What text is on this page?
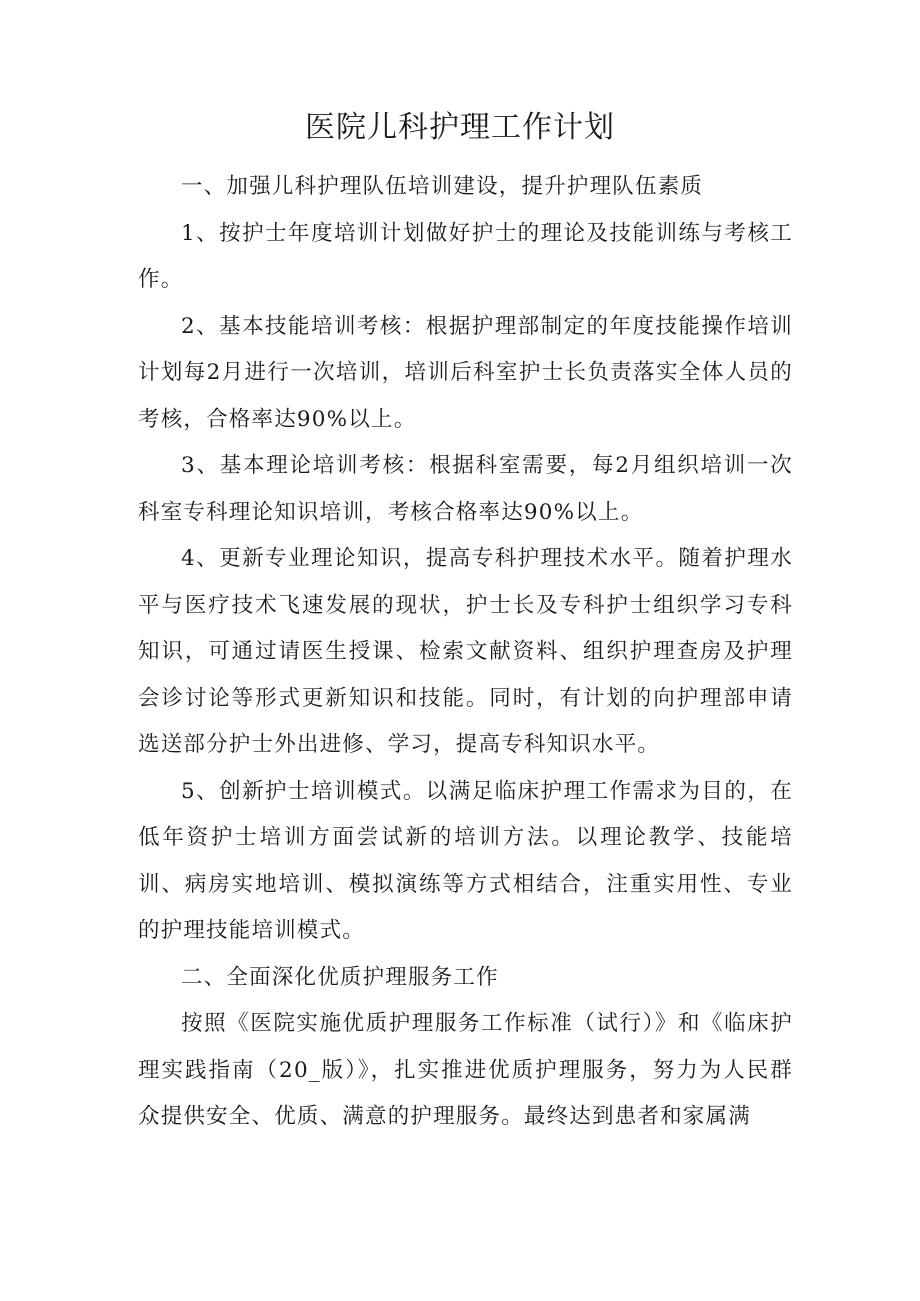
医院儿科护理工作计划

一、加强儿科护理队伍培训建设，提升护理队伍素质

1、按护士年度培训计划做好护士的理论及技能训练与考核工作。

2、基本技能培训考核：根据护理部制定的年度技能操作培训计划每2月进行一次培训，培训后科室护士长负责落实全体人员的考核，合格率达90%以上。

3、基本理论培训考核：根据科室需要，每2月组织培训一次科室专科理论知识培训，考核合格率达90%以上。

4、更新专业理论知识，提高专科护理技术水平。随着护理水平与医疗技术飞速发展的现状，护士长及专科护士组织学习专科知识，可通过请医生授课、检索文献资料、组织护理查房及护理会诊讨论等形式更新知识和技能。同时，有计划的向护理部申请选送部分护士外出进修、学习，提高专科知识水平。

5、创新护士培训模式。以满足临床护理工作需求为目的，在低年资护士培训方面尝试新的培训方法。以理论教学、技能培训、病房实地培训、模拟演练等方式相结合，注重实用性、专业的护理技能培训模式。

二、全面深化优质护理服务工作

按照《医院实施优质护理服务工作标准（试行）》和《临床护理实践指南（20_版）》，扎实推进优质护理服务，努力为人民群众提供安全、优质、满意的护理服务。最终达到患者和家属满
